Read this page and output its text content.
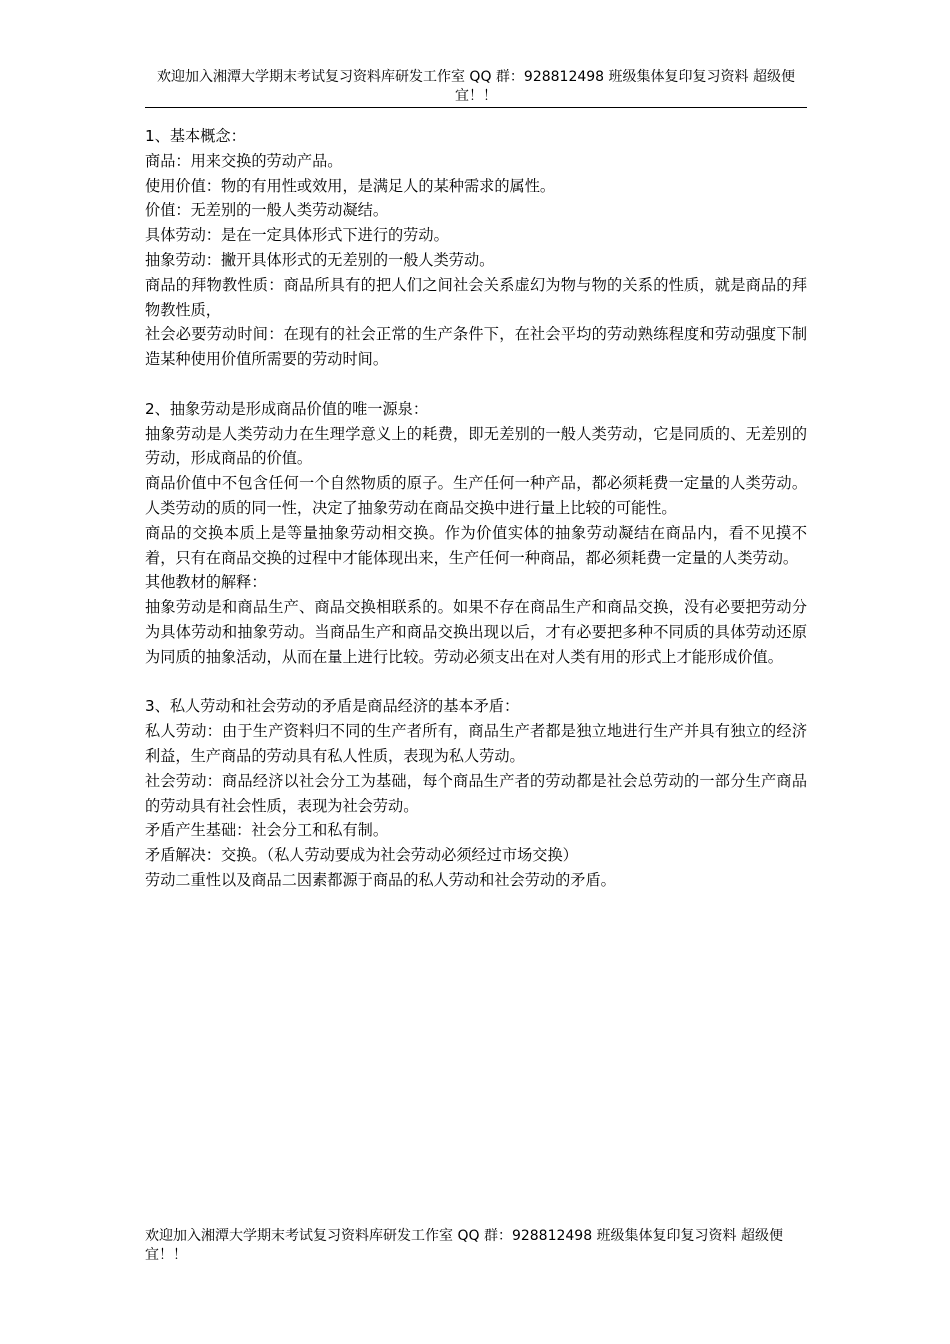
欢迎加入湘潭大学期末考试复习资料库研发工作室 QQ 群：928812498 班级集体复印复习资料 超级便宜！！

1、基本概念：

商品：用来交换的劳动产品。

使用价值：物的有用性或效用，是满足人的某种需求的属性。

价值：无差别的一般人类劳动凝结。

具体劳动：是在一定具体形式下进行的劳动。

抽象劳动：撇开具体形式的无差别的一般人类劳动。

商品的拜物教性质：商品所具有的把人们之间社会关系虚幻为物与物的关系的性质，就是商品的拜物教性质，

社会必要劳动时间：在现有的社会正常的生产条件下，在社会平均的劳动熟练程度和劳动强度下制造某种使用价值所需要的劳动时间。

2、抽象劳动是形成商品价值的唯一源泉：

抽象劳动是人类劳动力在生理学意义上的耗费，即无差别的一般人类劳动，它是同质的、无差别的劳动，形成商品的价值。

商品价值中不包含任何一个自然物质的原子。生产任何一种产品，都必须耗费一定量的人类劳动。人类劳动的质的同一性，决定了抽象劳动在商品交换中进行量上比较的可能性。

商品的交换本质上是等量抽象劳动相交换。作为价值实体的抽象劳动凝结在商品内，看不见摸不着，只有在商品交换的过程中才能体现出来，生产任何一种商品，都必须耗费一定量的人类劳动。

其他教材的解释：

抽象劳动是和商品生产、商品交换相联系的。如果不存在商品生产和商品交换，没有必要把劳动分为具体劳动和抽象劳动。当商品生产和商品交换出现以后，才有必要把多种不同质的具体劳动还原为同质的抽象活动，从而在量上进行比较。劳动必须支出在对人类有用的形式上才能形成价值。

3、私人劳动和社会劳动的矛盾是商品经济的基本矛盾：

私人劳动：由于生产资料归不同的生产者所有，商品生产者都是独立地进行生产并具有独立的经济利益，生产商品的劳动具有私人性质，表现为私人劳动。

社会劳动：商品经济以社会分工为基础，每个商品生产者的劳动都是社会总劳动的一部分生产商品的劳动具有社会性质，表现为社会劳动。

矛盾产生基础：社会分工和私有制。

矛盾解决：交换。（私人劳动要成为社会劳动必须经过市场交换）

劳动二重性以及商品二因素都源于商品的私人劳动和社会劳动的矛盾。

欢迎加入湘潭大学期末考试复习资料库研发工作室 QQ 群：928812498 班级集体复印复习资料 超级便宜！！
